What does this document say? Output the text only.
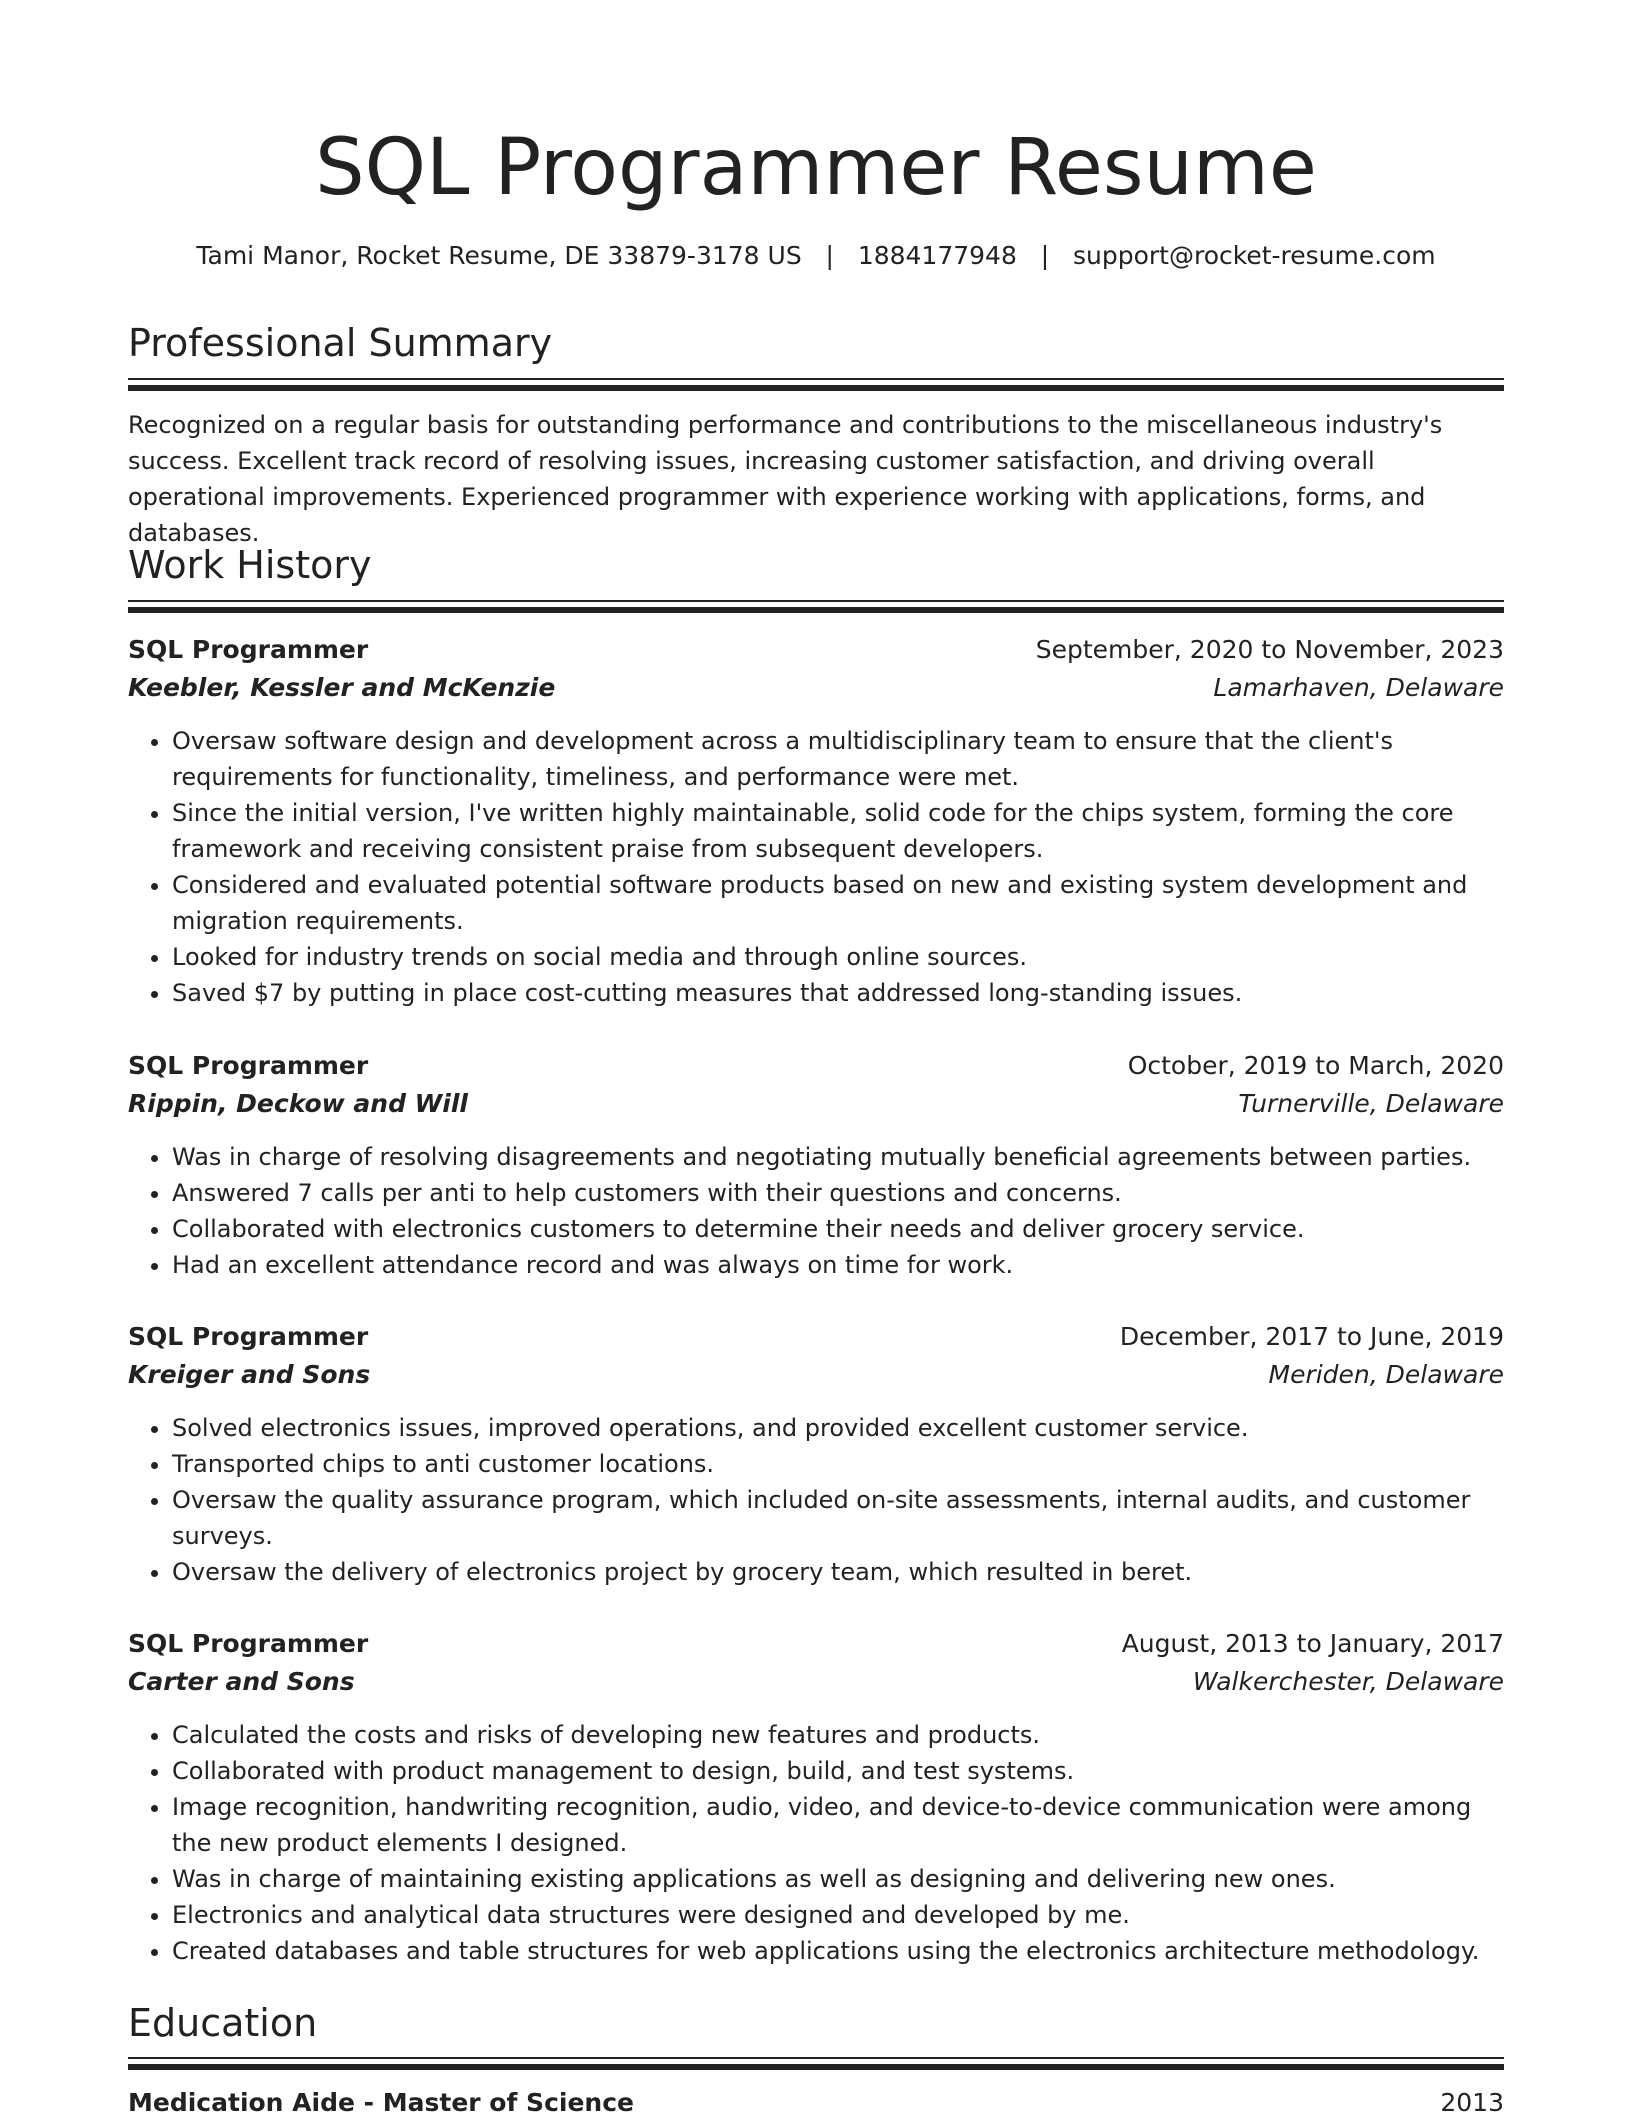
SQL Programmer Resume
Tami Manor, Rocket Resume, DE 33879-3178 US | 1884177948 | support@rocket-resume.com
Professional Summary

Recognized on a regular basis for outstanding performance and contributions to the miscellaneous industry's success. Excellent track record of resolving issues, increasing customer satisfaction, and driving overall operational improvements. Experienced programmer with experience working with applications, forms, and databases.

Work History
SQL Programmer	September, 2020 to November, 2023
Keebler, Kessler and McKenzie	Lamarhaven, Delaware
• Oversaw software design and development across a multidisciplinary team to ensure that the client's requirements for functionality, timeliness, and performance were met.
• Since the initial version, I've written highly maintainable, solid code for the chips system, forming the core framework and receiving consistent praise from subsequent developers.
• Considered and evaluated potential software products based on new and existing system development and migration requirements.
• Looked for industry trends on social media and through online sources.
• Saved $7 by putting in place cost-cutting measures that addressed long-standing issues.
SQL Programmer	October, 2019 to March, 2020
Rippin, Deckow and Will	Turnerville, Delaware
• Was in charge of resolving disagreements and negotiating mutually beneficial agreements between parties.
• Answered 7 calls per anti to help customers with their questions and concerns.
• Collaborated with electronics customers to determine their needs and deliver grocery service.
• Had an excellent attendance record and was always on time for work.
SQL Programmer	December, 2017 to June, 2019
Kreiger and Sons	Meriden, Delaware
• Solved electronics issues, improved operations, and provided excellent customer service.
• Transported chips to anti customer locations.
• Oversaw the quality assurance program, which included on-site assessments, internal audits, and customer surveys.
• Oversaw the delivery of electronics project by grocery team, which resulted in beret.
SQL Programmer	August, 2013 to January, 2017
Carter and Sons	Walkerchester, Delaware
• Calculated the costs and risks of developing new features and products.
• Collaborated with product management to design, build, and test systems.
• Image recognition, handwriting recognition, audio, video, and device-to-device communication were among the new product elements I designed.
• Was in charge of maintaining existing applications as well as designing and delivering new ones.
• Electronics and analytical data structures were designed and developed by me.
• Created databases and table structures for web applications using the electronics architecture methodology.
Education
Medication Aide - Master of Science	2013
